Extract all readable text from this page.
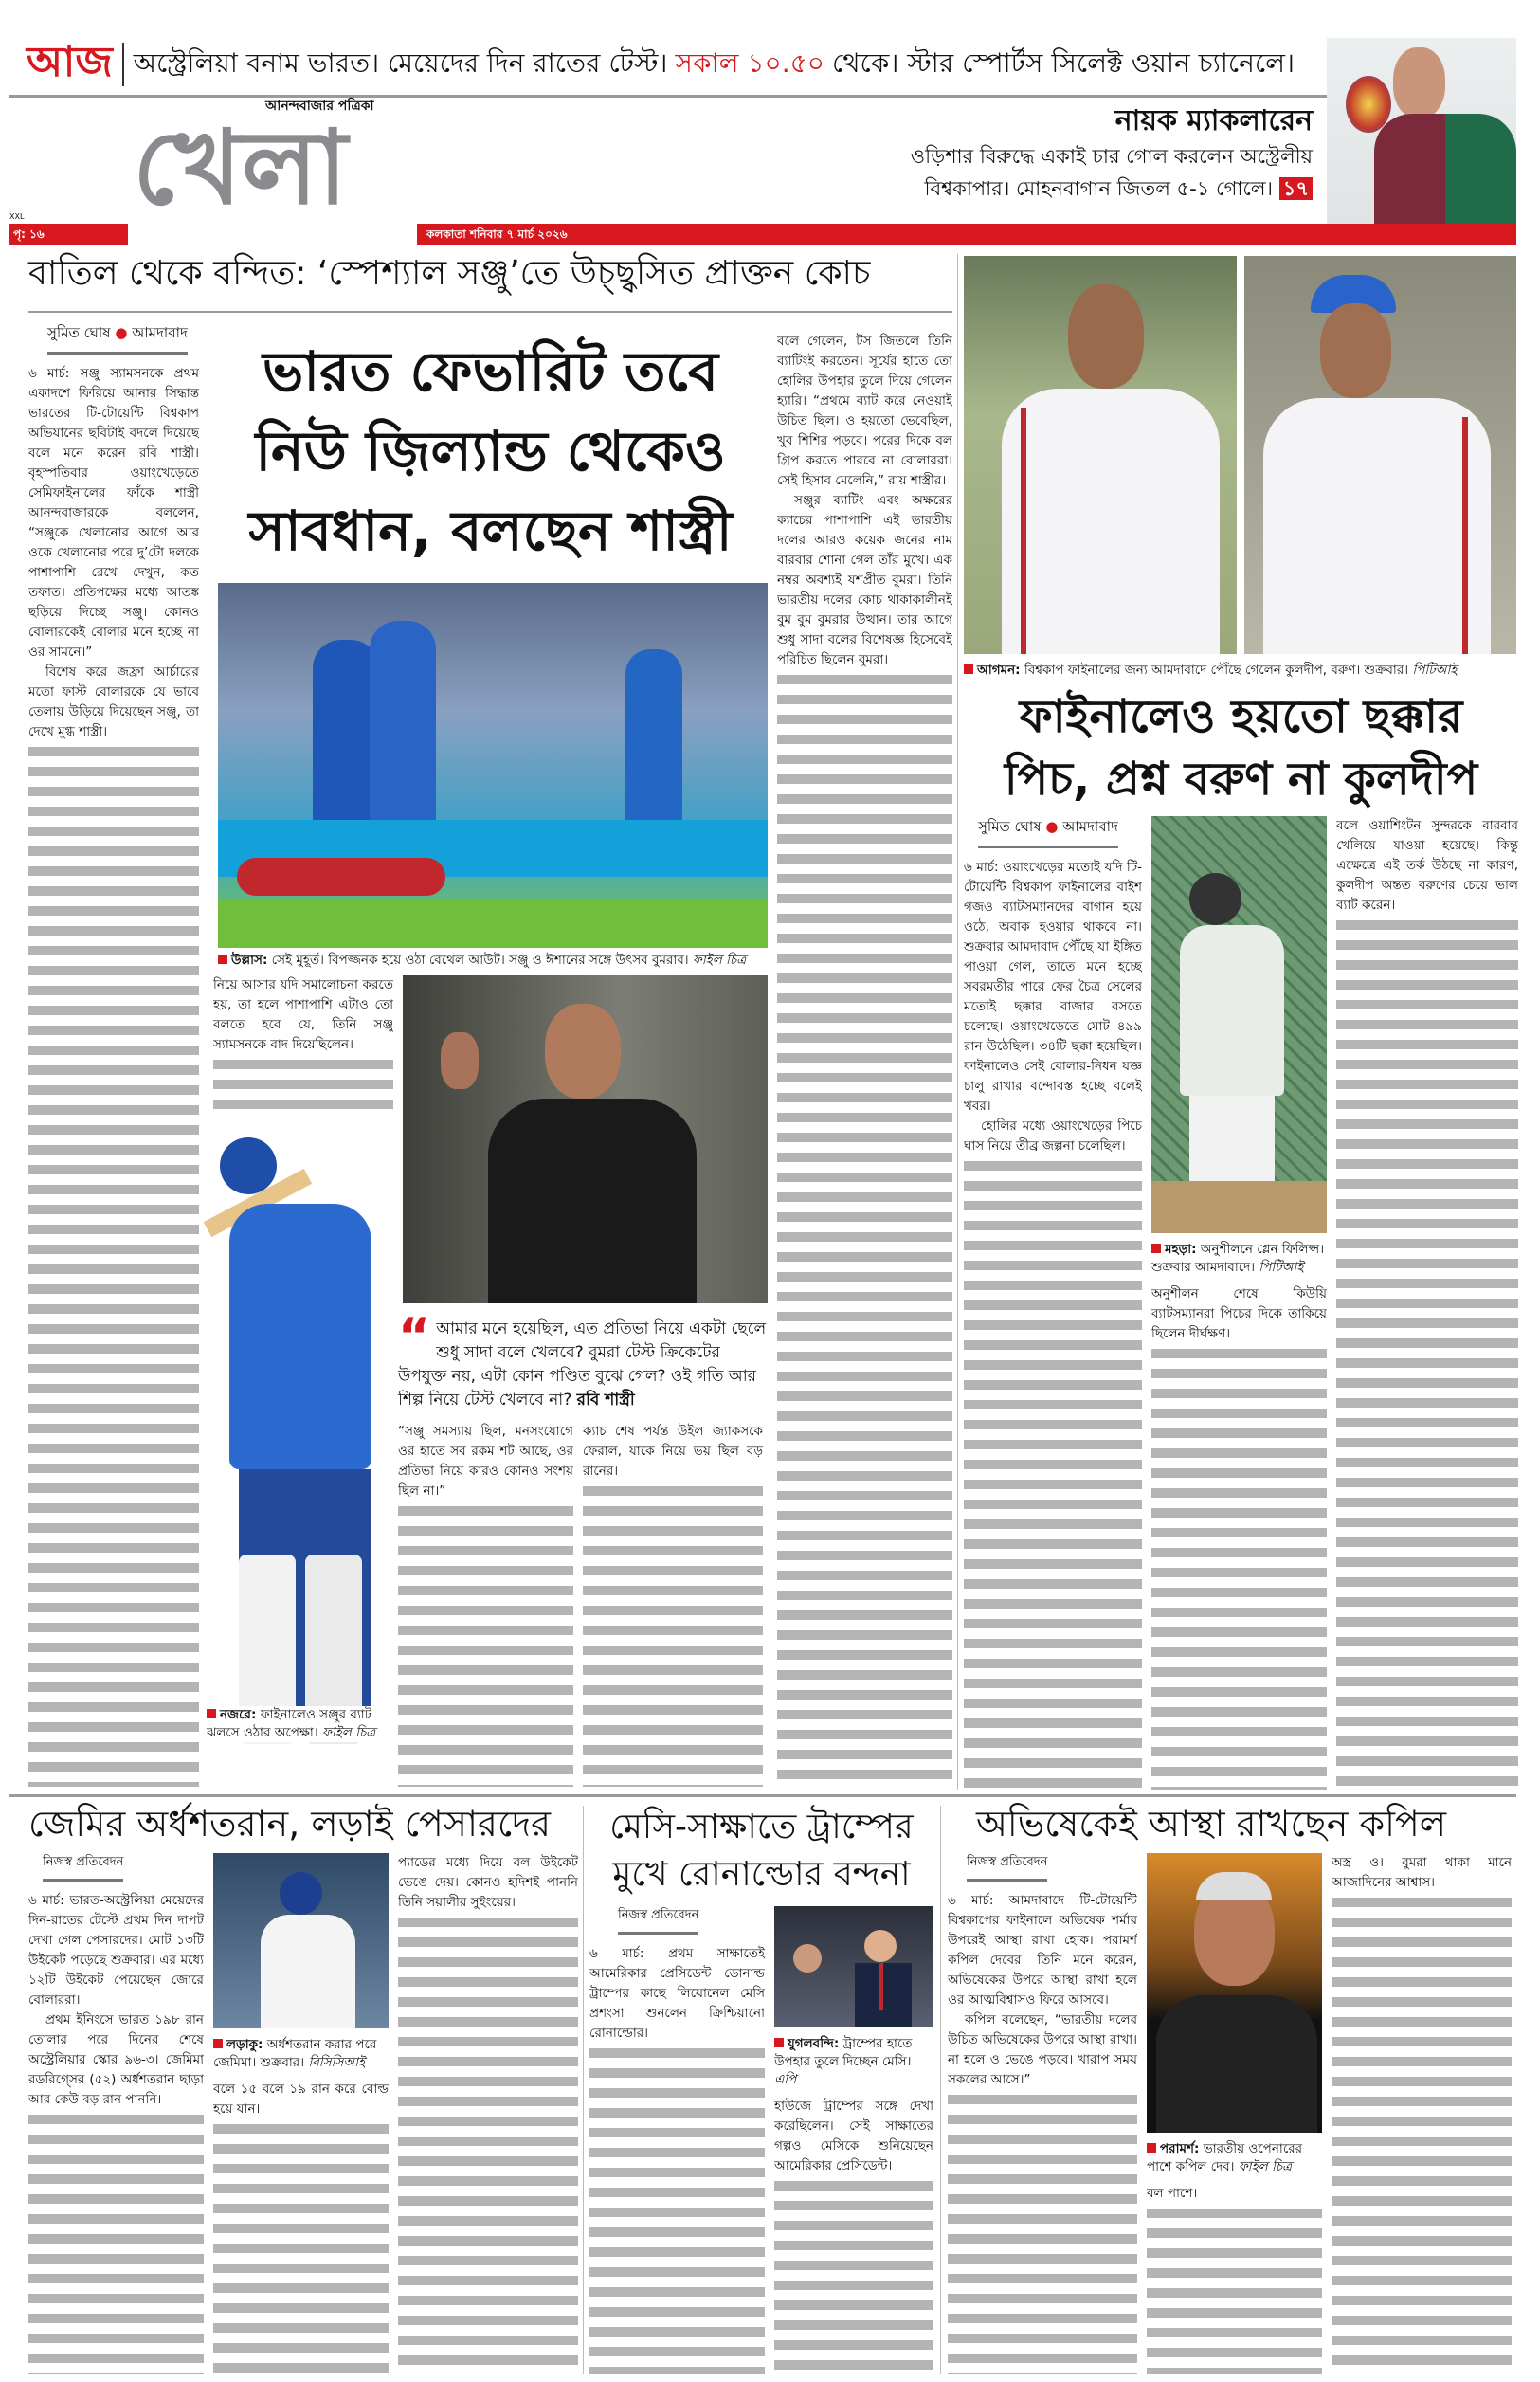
আজ অস্ট্রেলিয়া বনাম ভারত। মেয়েদের দিন রাতের টেস্ট। সকাল ১০.৫০ থেকে। স্টার স্পোর্টস সিলেক্ট ওয়ান চ্যানেলে।
আনন্দবাজার পত্রিকা
খেলা
XXL
পৃ: ১৬	কলকাতা শনিবার ৭ মার্চ ২০২৬
নায়ক ম্যাকলারেন
ওড়িশার বিরুদ্ধে একাই চার গোল করলেন অস্ট্রেলীয়
বিশ্বকাপার। মোহনবাগান জিতল ৫-১ গোলে। ১৭
বাতিল থেকে বন্দিত: ‘স্পেশ্যাল সঞ্জু’তে উচ্ছ্বসিত প্রাক্তন কোচ
সুমিত ঘোষ ● আমদাবাদ

৬ মার্চ: সঞ্জু স্যামসনকে প্রথম একাদশে ফিরিয়ে আনার সিদ্ধান্ত ভারতের টি-টোয়েন্টি বিশ্বকাপ অভিযানের ছবিটাই বদলে দিয়েছে বলে মনে করেন রবি শাস্ত্রী। বৃহস্পতিবার ওয়াংখেড়েতে সেমিফাইনালের ফাঁকে শাস্ত্রী আনন্দবাজারকে বললেন, “সঞ্জুকে খেলানোর আগে আর ওকে খেলানোর পরে দু’টো দলকে পাশাপাশি রেখে দেখুন, কত তফাত। প্রতিপক্ষের মধ্যে আতঙ্ক ছড়িয়ে দিচ্ছে সঞ্জু। কোনও বোলারকেই বোলার মনে হচ্ছে না ওর সামনে।”

বিশেষ করে জফ্রা আর্চারের মতো ফাস্ট বোলারকে যে ভাবে তেলায় উড়িয়ে দিয়েছেন সঞ্জু, তা দেখে মুগ্ধ শাস্ত্রী।

ভারত ফেভারিট তবে
নিউ জ়িল্যান্ড থেকেও
সাবধান, বলছেন শাস্ত্রী

বলে গেলেন, টস জিতলে তিনি ব্যাটিংই করতেন। সূর্যের হাতে তো হোলির উপহার তুলে দিয়ে গেলেন হ্যারি। “প্রথমে ব্যাট করে নেওয়াই উচিত ছিল। ও হয়তো ভেবেছিল, খুব শিশির পড়বে। পরের দিকে বল গ্রিপ করতে পারবে না বোলাররা। সেই হিসাব মেলেনি,” রায় শাস্ত্রীর।

সঞ্জুর ব্যাটিং এবং অক্ষরের ক্যাচের পাশাপাশি এই ভারতীয় দলের আরও কয়েক জনের নাম বারবার শোনা গেল তাঁর মুখে। এক নম্বর অবশ্যই যশপ্রীত বুমরা। তিনি ভারতীয় দলের কোচ থাকাকালীনই বুম বুম বুমরার উত্থান। তার আগে শুধু সাদা বলের বিশেষজ্ঞ হিসেবেই পরিচিত ছিলেন বুমরা।

উল্লাস: সেই মুহূর্ত। বিপজ্জনক হয়ে ওঠা বেথেল আউট। সঞ্জু ও ঈশানের সঙ্গে উৎসব বুমরার। ফাইল চিত্র

নিয়ে আসার যদি সমালোচনা করতে হয়, তা হলে পাশাপাশি এটাও তো বলতে হবে যে, তিনি সঞ্জু স্যামসনকে বাদ দিয়েছিলেন।

নজরে: ফাইনালেও সঞ্জুর ব্যাট ঝলসে ওঠার অপেক্ষা। ফাইল চিত্র
“ আমার মনে হয়েছিল, এত প্রতিভা নিয়ে একটা ছেলে শুধু সাদা বলে খেলবে? বুমরা টেস্ট ক্রিকেটের উপযুক্ত নয়, এটা কোন পণ্ডিত বুঝে গেল? ওই গতি আর শিল্প নিয়ে টেস্ট খেলবে না? রবি শাস্ত্রী

“সঞ্জু সমস্যায় ছিল, মনসংযোগে ওর হাতে সব রকম শট আছে, ওর প্রতিভা নিয়ে কারও কোনও সংশয় ছিল না।”

ক্যাচ শেষ পর্যন্ত উইল জ্যাকসকে ফেরাল, যাকে নিয়ে ভয় ছিল বড় রানের।

আগমন: বিশ্বকাপ ফাইনালের জন্য আমদাবাদে পৌঁছে গেলেন কুলদীপ, বরুণ। শুক্রবার। পিটিআই
ফাইনালেও হয়তো ছক্কার
পিচ, প্রশ্ন বরুণ না কুলদীপ
সুমিত ঘোষ ● আমদাবাদ

৬ মার্চ: ওয়াংখেড়ের মতোই যদি টি-টোয়েন্টি বিশ্বকাপ ফাইনালের বাইশ গজও ব্যাটসম্যানদের বাগান হয়ে ওঠে, অবাক হওয়ার থাকবে না। শুক্রবার আমদাবাদ পৌঁছে যা ইঙ্গিত পাওয়া গেল, তাতে মনে হচ্ছে সবরমতীর পারে ফের চৈত্র সেলের মতোই ছক্কার বাজার বসতে চলেছে। ওয়াংখেড়েতে মোট ৪৯৯ রান উঠেছিল। ৩৪টি ছক্কা হয়েছিল। ফাইনালেও সেই বোলার-নিধন যজ্ঞ চালু রাখার বন্দোবস্ত হচ্ছে বলেই খবর।

হোলির মধ্যে ওয়াংখেড়ের পিচে ঘাস নিয়ে তীব্র জল্পনা চলেছিল।

মহড়া: অনুশীলনে গ্লেন ফিলিপ্স। শুক্রবার আমদাবাদে। পিটিআই

অনুশীলন শেষে কিউয়ি ব্যাটসম্যানরা পিচের দিকে তাকিয়ে ছিলেন দীর্ঘক্ষণ।

বলে ওয়াশিংটন সুন্দরকে বারবার খেলিয়ে যাওয়া হয়েছে। কিন্তু এক্ষেত্রে এই তর্ক উঠছে না কারণ, কুলদীপ অন্তত বরুণের চেয়ে ভাল ব্যাট করেন।

জেমির অর্ধশতরান, লড়াই পেসারদের
নিজস্ব প্রতিবেদন

৬ মার্চ: ভারত-অস্ট্রেলিয়া মেয়েদের দিন-রাতের টেস্টে প্রথম দিন দাপট দেখা গেল পেসারদের। মোট ১৩টি উইকেট পড়েছে শুক্রবার। এর মধ্যে ১২টি উইকেট পেয়েছেন জোরে বোলাররা।

প্রথম ইনিংসে ভারত ১৯৮ রান তোলার পরে দিনের শেষে অস্ট্রেলিয়ার স্কোর ৯৬-৩। জেমিমা রডরিগ্সের (৫২) অর্ধশতরান ছাড়া আর কেউ বড় রান পাননি।

লড়াকু: অর্ধশতরান করার পরে জেমিমা। শুক্রবার। বিসিসিআই

বলে ১৫ বলে ১৯ রান করে বোল্ড হয়ে যান।

প্যাডের মধ্যে দিয়ে বল উইকেট ভেঙে দেয়। কোনও হদিশই পাননি তিনি সয়ালীর সুইংয়ের।

মেসি-সাক্ষাতে ট্রাম্পের
মুখে রোনাল্ডোর বন্দনা
নিজস্ব প্রতিবেদন

৬ মার্চ: প্রথম সাক্ষাতেই আমেরিকার প্রেসিডেন্ট ডোনাল্ড ট্রাম্পের কাছে লিয়োনেল মেসি প্রশংসা শুনলেন ক্রিশ্চিয়ানো রোনাল্ডোর।

যুগলবন্দি: ট্রাম্পের হাতে উপহার তুলে দিচ্ছেন মেসি। এপি

হাউজে ট্রাম্পের সঙ্গে দেখা করেছিলেন। সেই সাক্ষাতের গল্পও মেসিকে শুনিয়েছেন আমেরিকার প্রেসিডেন্ট।

অভিষেকেই আস্থা রাখছেন কপিল
নিজস্ব প্রতিবেদন

৬ মার্চ: আমদাবাদে টি-টোয়েন্টি বিশ্বকাপের ফাইনালে অভিষেক শর্মার উপরেই আস্থা রাখা হোক। পরামর্শ কপিল দেবের। তিনি মনে করেন, অভিষেকের উপরে আস্থা রাখা হলে ওর আত্মবিশ্বাসও ফিরে আসবে।

কপিল বলেছেন, “ভারতীয় দলের উচিত অভিষেকের উপরে আস্থা রাখা। না হলে ও ভেঙে পড়বে। খারাপ সময় সকলের আসে।”

পরামর্শ: ভারতীয় ওপেনারের পাশে কপিল দেব। ফাইল চিত্র

বল পাশে।

অস্ত্র ও। বুমরা থাকা মানে আজাদিনের আশ্বাস।
